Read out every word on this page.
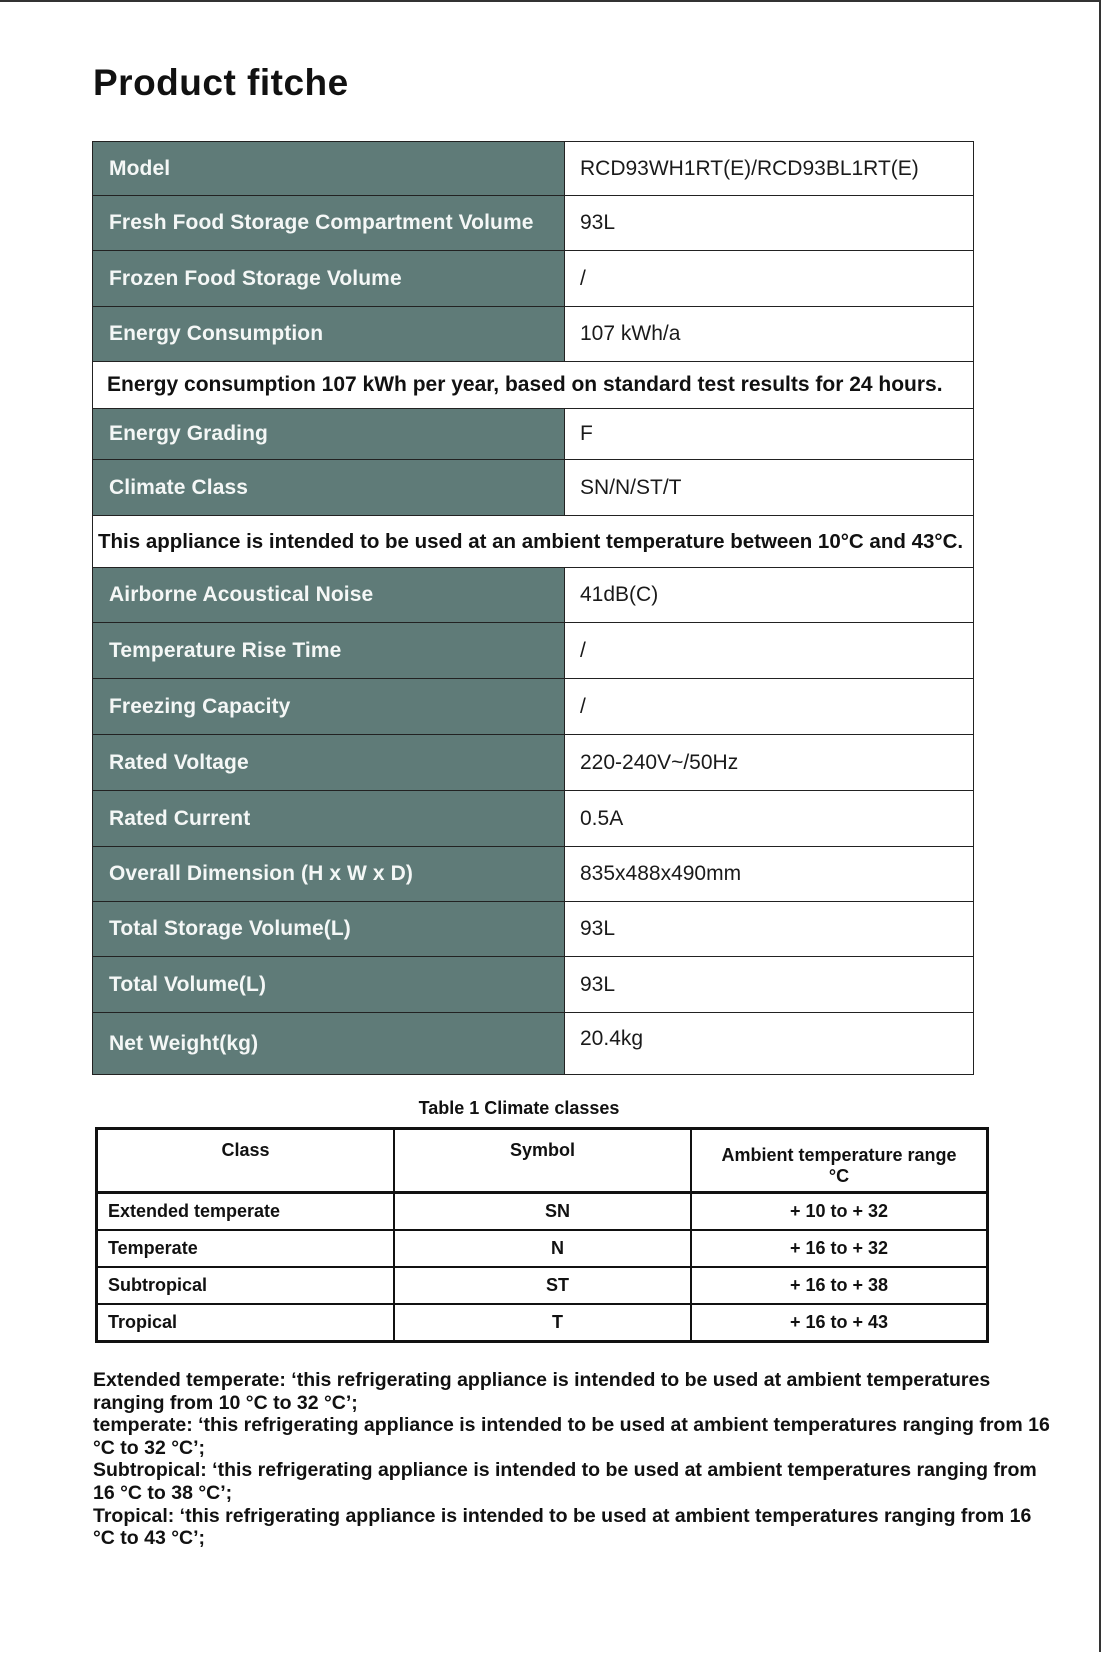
Product fitche
Model	RCD93WH1RT(E)/RCD93BL1RT(E)
Fresh Food Storage Compartment Volume	93L
Frozen Food Storage Volume	/
Energy Consumption	107 kWh/a
Energy consumption 107 kWh per year, based on standard test results for 24 hours.
Energy Grading	F
Climate Class	SN/N/ST/T
This appliance is intended to be used at an ambient temperature between 10°C and 43°C.
Airborne Acoustical Noise	41dB(C)
Temperature Rise Time	/
Freezing Capacity	/
Rated Voltage	220-240V~/50Hz
Rated Current	0.5A
Overall Dimension (H x W x D)	835x488x490mm
Total Storage Volume(L)	93L
Total Volume(L)	93L
Net Weight(kg)	20.4kg
Table 1 Climate classes
Class	Symbol	Ambient temperature range
°C
Extended temperate	SN	+ 10 to + 32
Temperate	N	+ 16 to + 32
Subtropical	ST	+ 16 to + 38
Tropical	T	+ 16 to + 43

Extended temperate: ‘this refrigerating appliance is intended to be used at ambient temperatures ranging from 10 °C to 32 °C’;

temperate: ‘this refrigerating appliance is intended to be used at ambient temperatures ranging from 16 °C to 32 °C’;

Subtropical: ‘this refrigerating appliance is intended to be used at ambient temperatures ranging from 16 °C to 38 °C’;

Tropical: ‘this refrigerating appliance is intended to be used at ambient temperatures ranging from 16 °C to 43 °C’;
